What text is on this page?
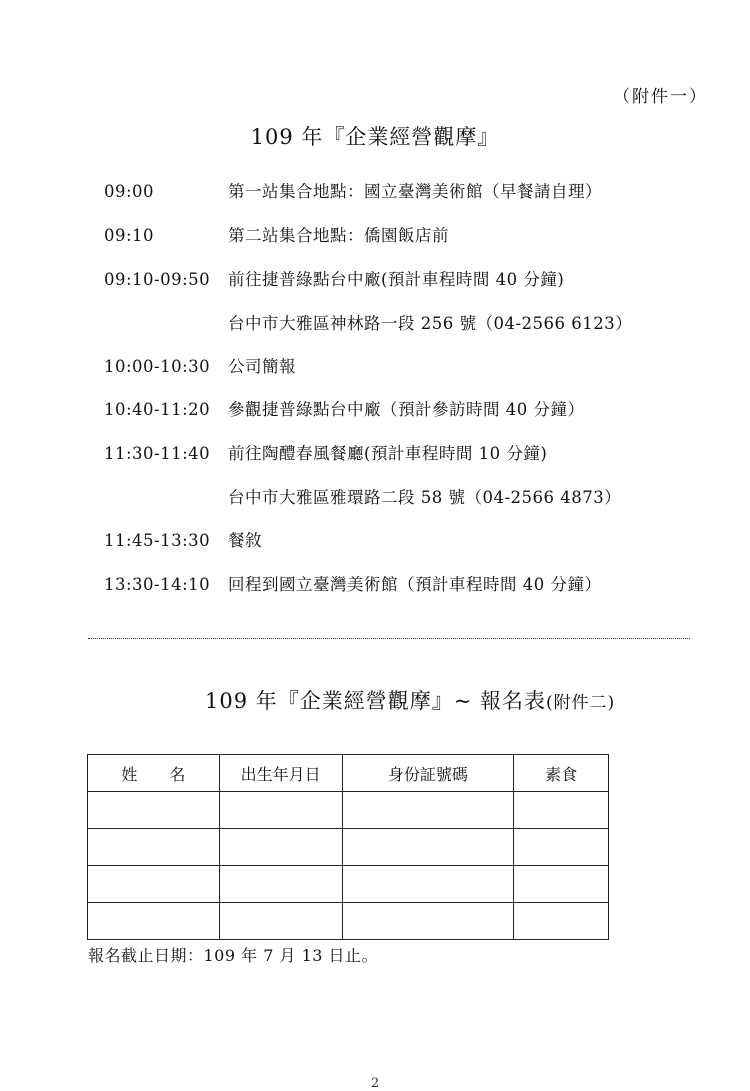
（附件一）
109 年『企業經營觀摩』
09:00	第一站集合地點：國立臺灣美術館（早餐請自理）
09:10	第二站集合地點：僑園飯店前
09:10-09:50 前往捷普綠點台中廠(預計車程時間 40 分鐘)
台中市大雅區神林路一段 256 號（04-2566 6123）
10:00-10:30 公司簡報
10:40-11:20 參觀捷普綠點台中廠（預計參訪時間 40 分鐘）
11:30-11:40 前往陶醴春風餐廳(預計車程時間 10 分鐘)
台中市大雅區雅環路二段 58 號（04-2566 4873）
11:45-13:30 餐敘
13:30-14:10 回程到國立臺灣美術館（預計車程時間 40 分鐘）
109 年『企業經營觀摩』~ 報名表(附件二)
姓　　名	出生年月日	身份証號碼	素食

報名截止日期：109 年 7 月 13 日止。
2
